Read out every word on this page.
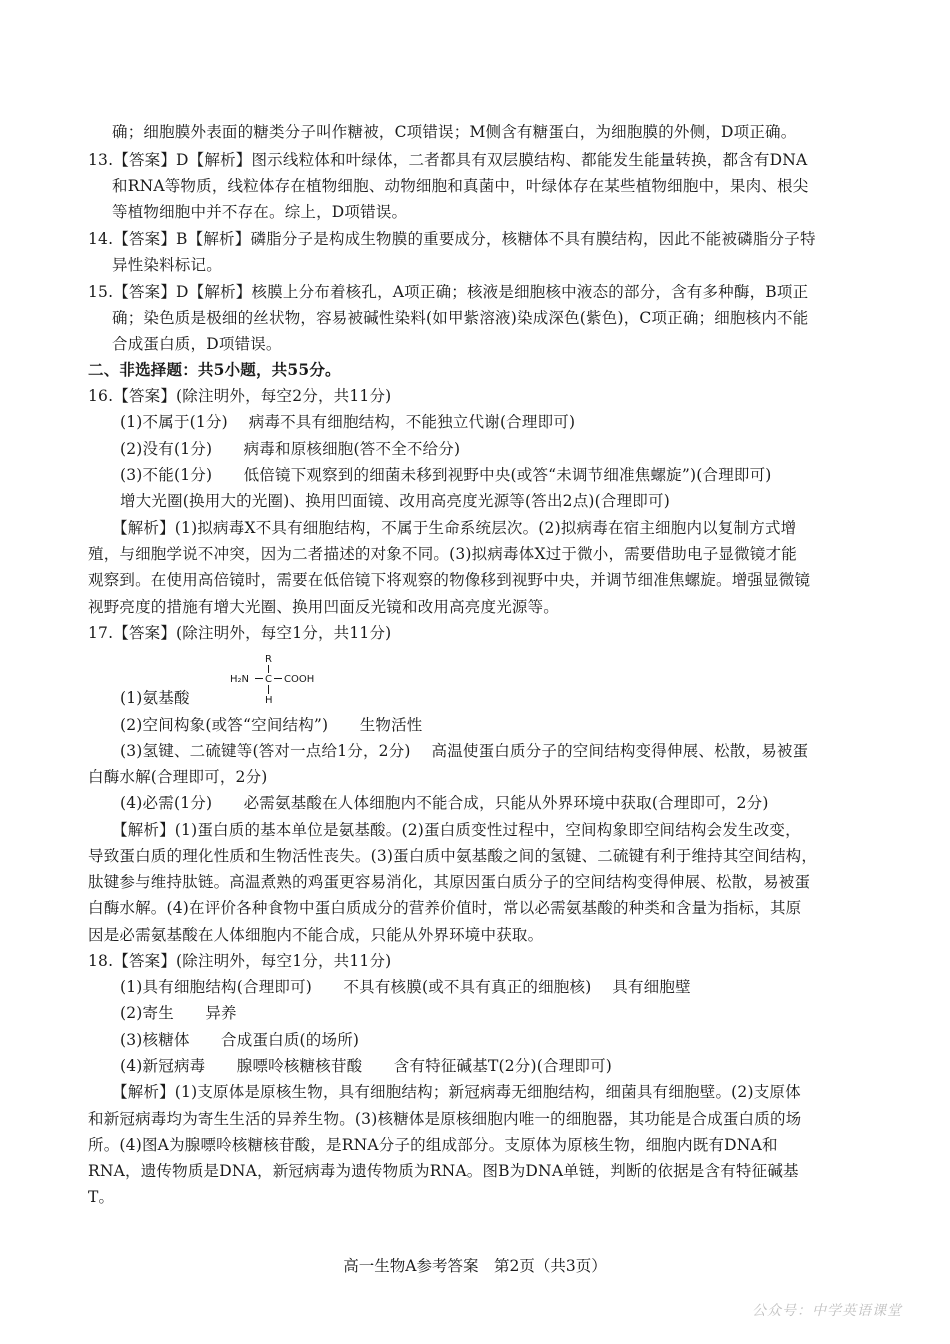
确；细胞膜外表面的糖类分子叫作糖被，C项错误；M侧含有糖蛋白，为细胞膜的外侧，D项正确。
13.【答案】D【解析】图示线粒体和叶绿体，二者都具有双层膜结构、都能发生能量转换，都含有DNA
和RNA等物质，线粒体存在植物细胞、动物细胞和真菌中，叶绿体存在某些植物细胞中，果肉、根尖
等植物细胞中并不存在。综上，D项错误。
14.【答案】B【解析】磷脂分子是构成生物膜的重要成分，核糖体不具有膜结构，因此不能被磷脂分子特
异性染料标记。
15.【答案】D【解析】核膜上分布着核孔，A项正确；核液是细胞核中液态的部分，含有多种酶，B项正
确；染色质是极细的丝状物，容易被碱性染料(如甲紫溶液)染成深色(紫色)，C项正确；细胞核内不能
合成蛋白质，D项错误。
二、非选择题：共5小题，共55分。
16.【答案】(除注明外，每空2分，共11分)
(1)不属于(1分)　 病毒不具有细胞结构，不能独立代谢(合理即可)
(2)没有(1分)　　病毒和原核细胞(答不全不给分)
(3)不能(1分)　　低倍镜下观察到的细菌未移到视野中央(或答“未调节细准焦螺旋”)(合理即可)
增大光圈(换用大的光圈)、换用凹面镜、改用高亮度光源等(答出2点)(合理即可)
【解析】(1)拟病毒X不具有细胞结构，不属于生命系统层次。(2)拟病毒在宿主细胞内以复制方式增
殖，与细胞学说不冲突，因为二者描述的对象不同。(3)拟病毒体X过于微小，需要借助电子显微镜才能
观察到。在使用高倍镜时，需要在低倍镜下将观察的物像移到视野中央，并调节细准焦螺旋。增强显微镜
视野亮度的措施有增大光圈、换用凹面反光镜和改用高亮度光源等。
17.【答案】(除注明外，每空1分，共11分)
R
H₂N C COOH
H
(1)氨基酸
(2)空间构象(或答“空间结构”)　　生物活性
(3)氢键、二硫键等(答对一点给1分，2分)　 高温使蛋白质分子的空间结构变得伸展、松散，易被蛋
白酶水解(合理即可，2分)
(4)必需(1分)　　必需氨基酸在人体细胞内不能合成，只能从外界环境中获取(合理即可，2分)
【解析】(1)蛋白质的基本单位是氨基酸。(2)蛋白质变性过程中，空间构象即空间结构会发生改变，
导致蛋白质的理化性质和生物活性丧失。(3)蛋白质中氨基酸之间的氢键、二硫键有利于维持其空间结构，
肽键参与维持肽链。高温煮熟的鸡蛋更容易消化，其原因蛋白质分子的空间结构变得伸展、松散，易被蛋
白酶水解。(4)在评价各种食物中蛋白质成分的营养价值时，常以必需氨基酸的种类和含量为指标，其原
因是必需氨基酸在人体细胞内不能合成，只能从外界环境中获取。
18.【答案】(除注明外，每空1分，共11分)
(1)具有细胞结构(合理即可)　　不具有核膜(或不具有真正的细胞核)　 具有细胞壁
(2)寄生　　异养
(3)核糖体　　合成蛋白质(的场所)
(4)新冠病毒　　腺嘌呤核糖核苷酸　　含有特征碱基T(2分)(合理即可)
【解析】(1)支原体是原核生物，具有细胞结构；新冠病毒无细胞结构，细菌具有细胞壁。(2)支原体
和新冠病毒均为寄生生活的异养生物。(3)核糖体是原核细胞内唯一的细胞器，其功能是合成蛋白质的场
所。(4)图A为腺嘌呤核糖核苷酸，是RNA分子的组成部分。支原体为原核生物，细胞内既有DNA和
RNA，遗传物质是DNA，新冠病毒为遗传物质为RNA。图B为DNA单链，判断的依据是含有特征碱基
T。
高一生物A参考答案　第2页（共3页）
公众号：中学英语课堂
